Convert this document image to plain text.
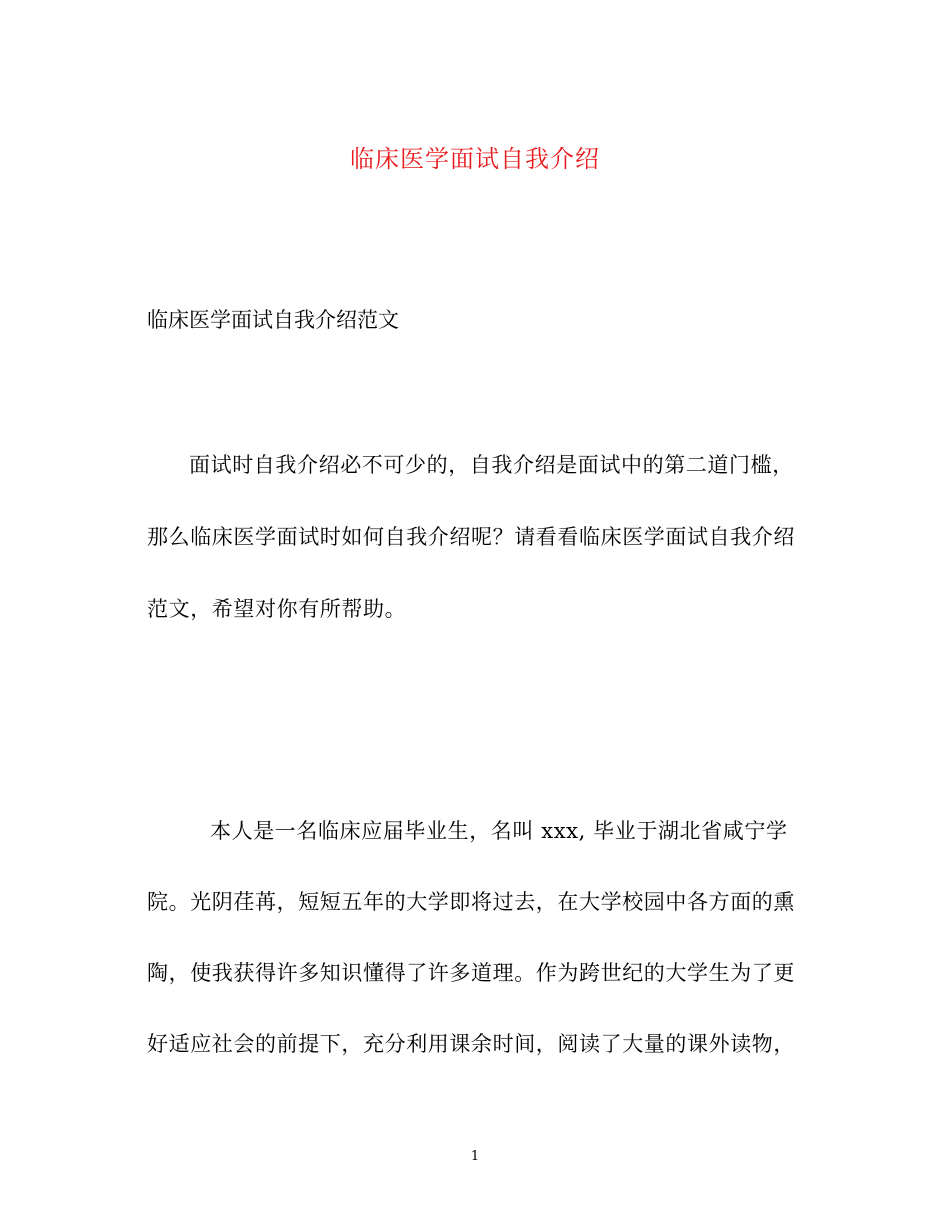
临床医学面试自我介绍
临床医学面试自我介绍范文
面试时自我介绍必不可少的，自我介绍是面试中的第二道门槛，
那么临床医学面试时如何自我介绍呢？请看看临床医学面试自我介绍
范文，希望对你有所帮助。
本人是一名临床应届毕业生，名叫 xxx, 毕业于湖北省咸宁学
院。光阴荏苒，短短五年的大学即将过去，在大学校园中各方面的熏
陶，使我获得许多知识懂得了许多道理。作为跨世纪的大学生为了更
好适应社会的前提下，充分利用课余时间，阅读了大量的课外读物，
1
